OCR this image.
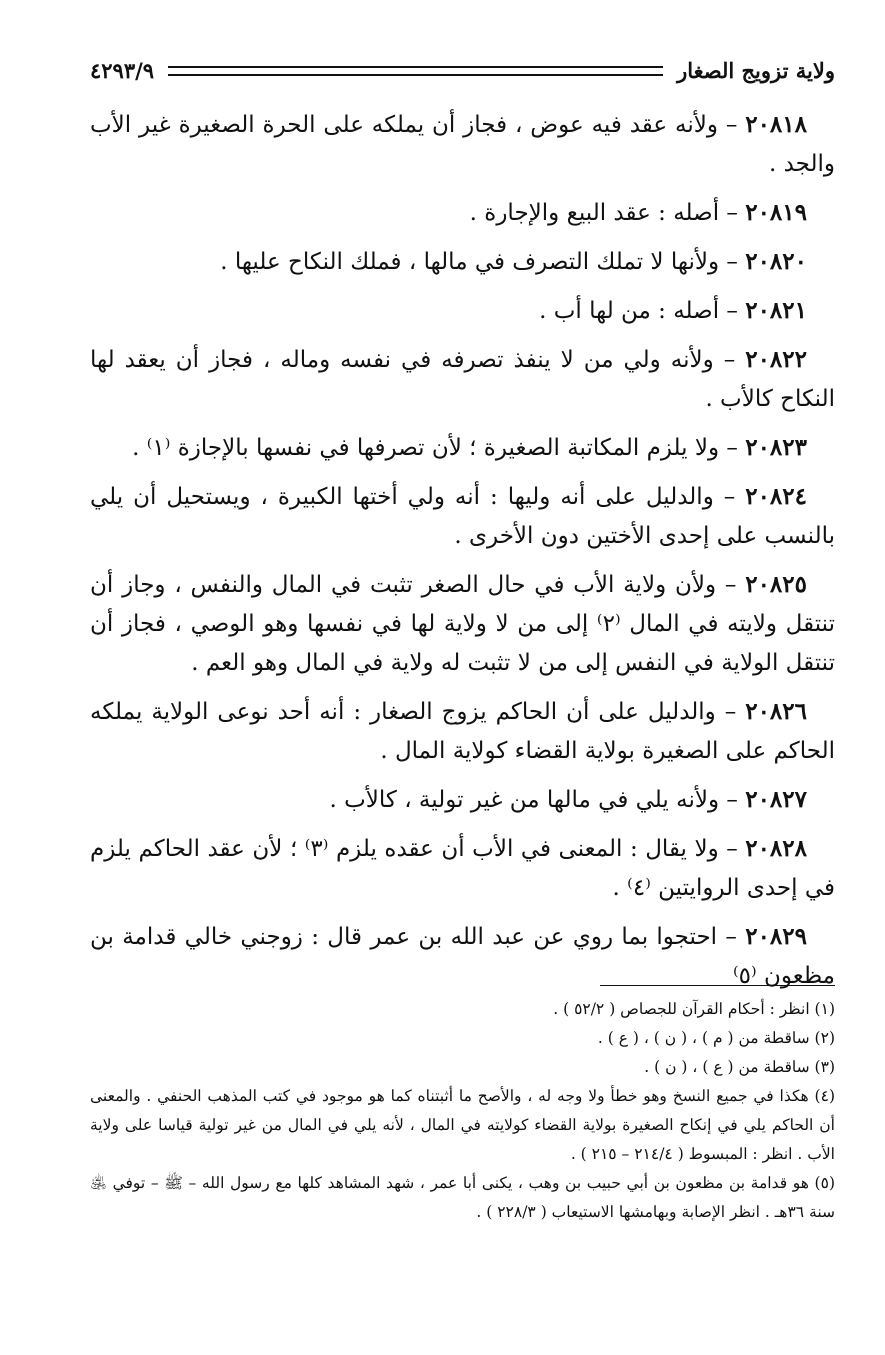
ولاية تزويج الصغار
٤٢٩٣/٩

٢٠٨١٨ – ولأنه عقد فيه عوض ، فجاز أن يملكه على الحرة الصغيرة غير الأب والجد .

٢٠٨١٩ – أصله : عقد البيع والإجارة .

٢٠٨٢٠ – ولأنها لا تملك التصرف في مالها ، فملك النكاح عليها .

٢٠٨٢١ – أصله : من لها أب .

٢٠٨٢٢ – ولأنه ولي من لا ينفذ تصرفه في نفسه وماله ، فجاز أن يعقد لها النكاح كالأب .

٢٠٨٢٣ – ولا يلزم المكاتبة الصغيرة ؛ لأن تصرفها في نفسها بالإجازة ⁽١⁾ .

٢٠٨٢٤ – والدليل على أنه وليها : أنه ولي أختها الكبيرة ، ويستحيل أن يلي بالنسب على إحدى الأختين دون الأخرى .

٢٠٨٢٥ – ولأن ولاية الأب في حال الصغر تثبت في المال والنفس ، وجاز أن تنتقل ولايته في المال ⁽٢⁾ إلى من لا ولاية لها في نفسها وهو الوصي ، فجاز أن تنتقل الولاية في النفس إلى من لا تثبت له ولاية في المال وهو العم .

٢٠٨٢٦ – والدليل على أن الحاكم يزوج الصغار : أنه أحد نوعى الولاية يملكه الحاكم على الصغيرة بولاية القضاء كولاية المال .

٢٠٨٢٧ – ولأنه يلي في مالها من غير تولية ، كالأب .

٢٠٨٢٨ – ولا يقال : المعنى في الأب أن عقده يلزم ⁽٣⁾ ؛ لأن عقد الحاكم يلزم في إحدى الروايتين ⁽٤⁾ .

٢٠٨٢٩ – احتجوا بما روي عن عبد الله بن عمر قال : زوجني خالي قدامة بن مظعون ⁽٥⁾

(١) انظر : أحكام القرآن للجصاص ( ٥٢/٢ ) .

(٢) ساقطة من ( م ) ، ( ن ) ، ( ع ) .

(٣) ساقطة من ( ع ) ، ( ن ) .

(٤) هكذا في جميع النسخ وهو خطأ ولا وجه له ، والأصح ما أثبتناه كما هو موجود في كتب المذهب الحنفي . والمعنى أن الحاكم يلي في إنكاح الصغيرة بولاية القضاء كولايته في المال ، لأنه يلي في المال من غير تولية قياسا على ولاية الأب . انظر : المبسوط ( ٢١٤/٤ – ٢١٥ ) .

(٥) هو قدامة بن مظعون بن أبي حبيب بن وهب ، يكنى أبا عمر ، شهد المشاهد كلها مع رسول الله – ﷺ – توفي ﵁ سنة ٣٦هـ . انظر الإصابة وبهامشها الاستيعاب ( ٢٢٨/٣ ) .
